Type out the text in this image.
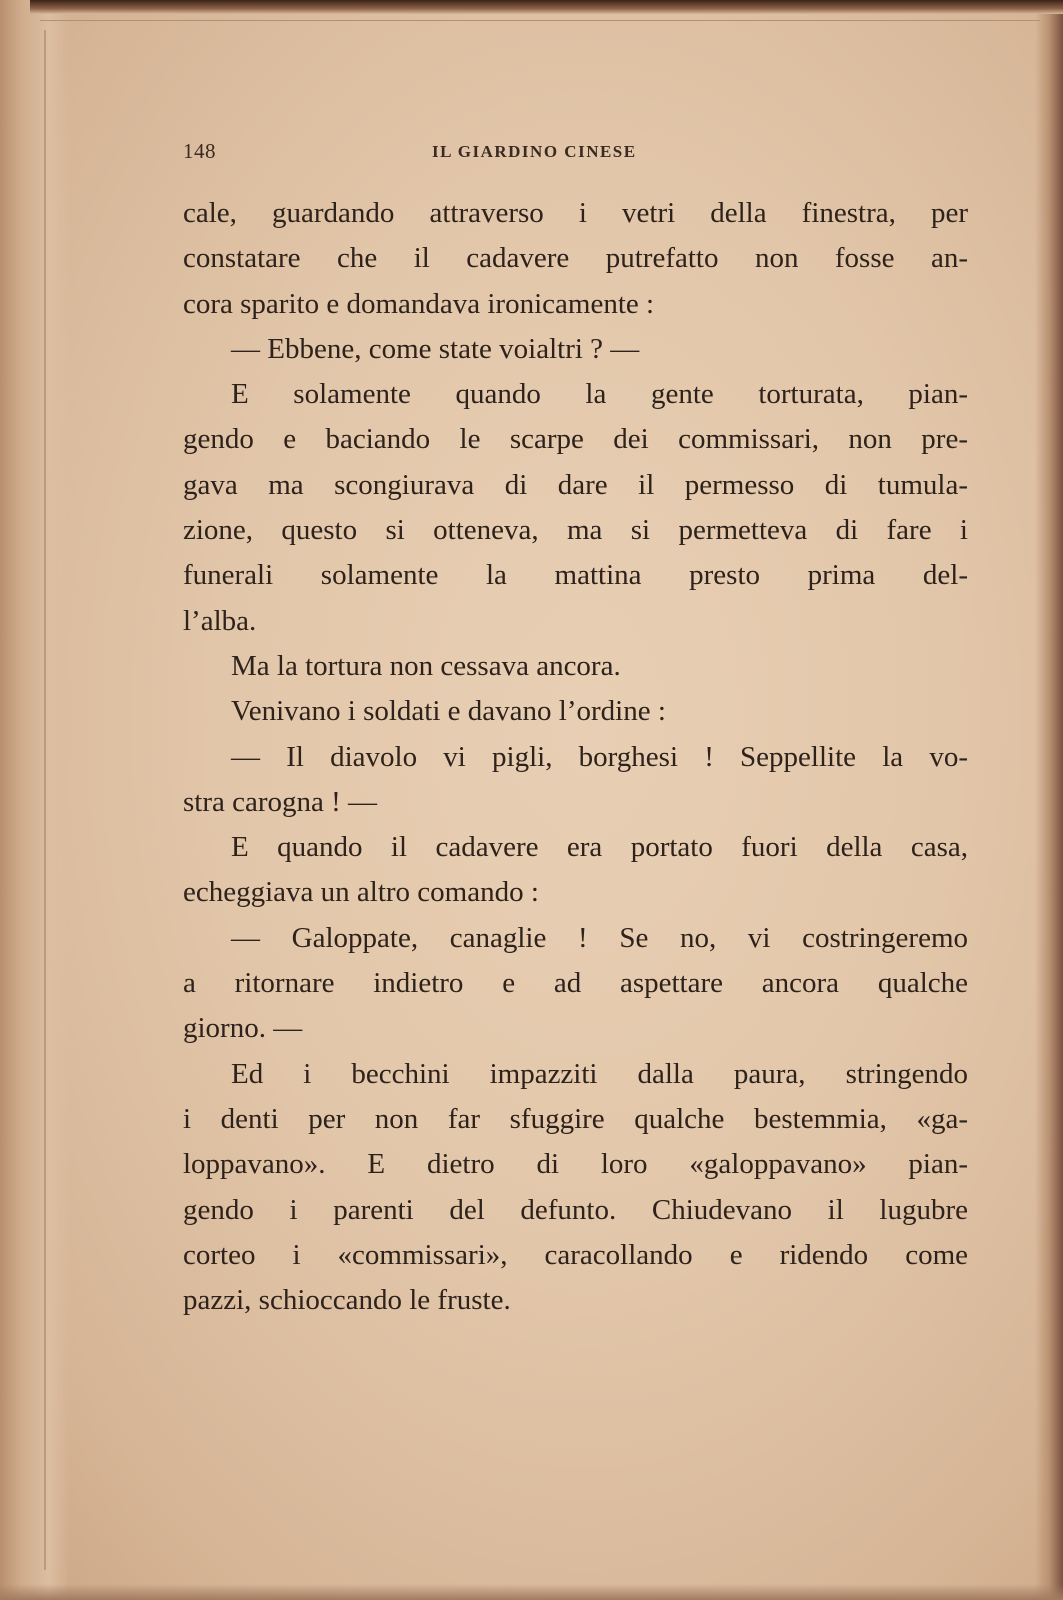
148	IL GIARDINO CINESE
cale, guardando attraverso i vetri della finestra, per
constatare che il cadavere putrefatto non fosse an-
cora sparito e domandava ironicamente :
— Ebbene, come state voialtri ? —
E solamente quando la gente torturata, pian-
gendo e baciando le scarpe dei commissari, non pre-
gava ma scongiurava di dare il permesso di tumula-
zione, questo si otteneva, ma si permetteva di fare i
funerali solamente la mattina presto prima del-
l’alba.
Ma la tortura non cessava ancora.
Venivano i soldati e davano l’ordine :
— Il diavolo vi pigli, borghesi ! Seppellite la vo-
stra carogna ! —
E quando il cadavere era portato fuori della casa,
echeggiava un altro comando :
— Galoppate, canaglie ! Se no, vi costringeremo
a ritornare indietro e ad aspettare ancora qualche
giorno. —
Ed i becchini impazziti dalla paura, stringendo
i denti per non far sfuggire qualche bestemmia, «ga-
loppavano». E dietro di loro «galoppavano» pian-
gendo i parenti del defunto. Chiudevano il lugubre
corteo i «commissari», caracollando e ridendo come
pazzi, schioccando le fruste.
